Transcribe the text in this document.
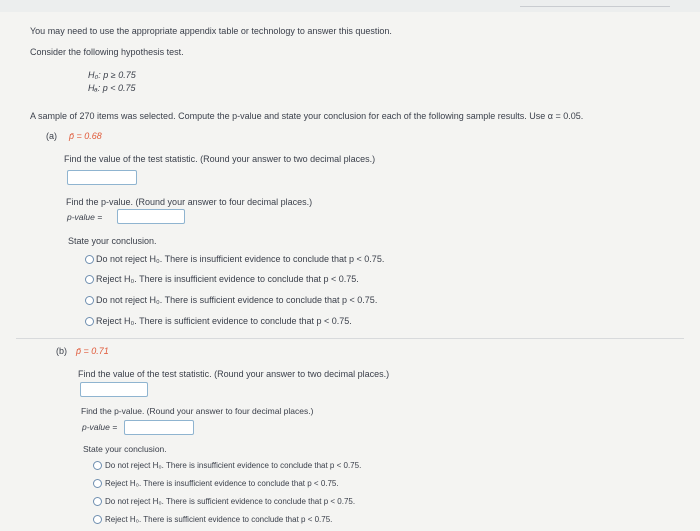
You may need to use the appropriate appendix table or technology to answer this question.
Consider the following hypothesis test.
H₀: p ≥ 0.75
Hₐ: p < 0.75
A sample of 270 items was selected. Compute the p-value and state your conclusion for each of the following sample results. Use α = 0.05.
(a) p̄ = 0.68
Find the value of the test statistic. (Round your answer to two decimal places.)
Find the p-value. (Round your answer to four decimal places.)
p-value =
State your conclusion.
Do not reject H₀. There is insufficient evidence to conclude that p < 0.75.
Reject H₀. There is insufficient evidence to conclude that p < 0.75.
Do not reject H₀. There is sufficient evidence to conclude that p < 0.75.
Reject H₀. There is sufficient evidence to conclude that p < 0.75.
(b) p̄ = 0.71
Find the value of the test statistic. (Round your answer to two decimal places.)
Find the p-value. (Round your answer to four decimal places.)
p-value =
State your conclusion.
Do not reject H₀. There is insufficient evidence to conclude that p < 0.75.
Reject H₀. There is insufficient evidence to conclude that p < 0.75.
Do not reject H₀. There is sufficient evidence to conclude that p < 0.75.
Reject H₀. There is sufficient evidence to conclude that p < 0.75.
